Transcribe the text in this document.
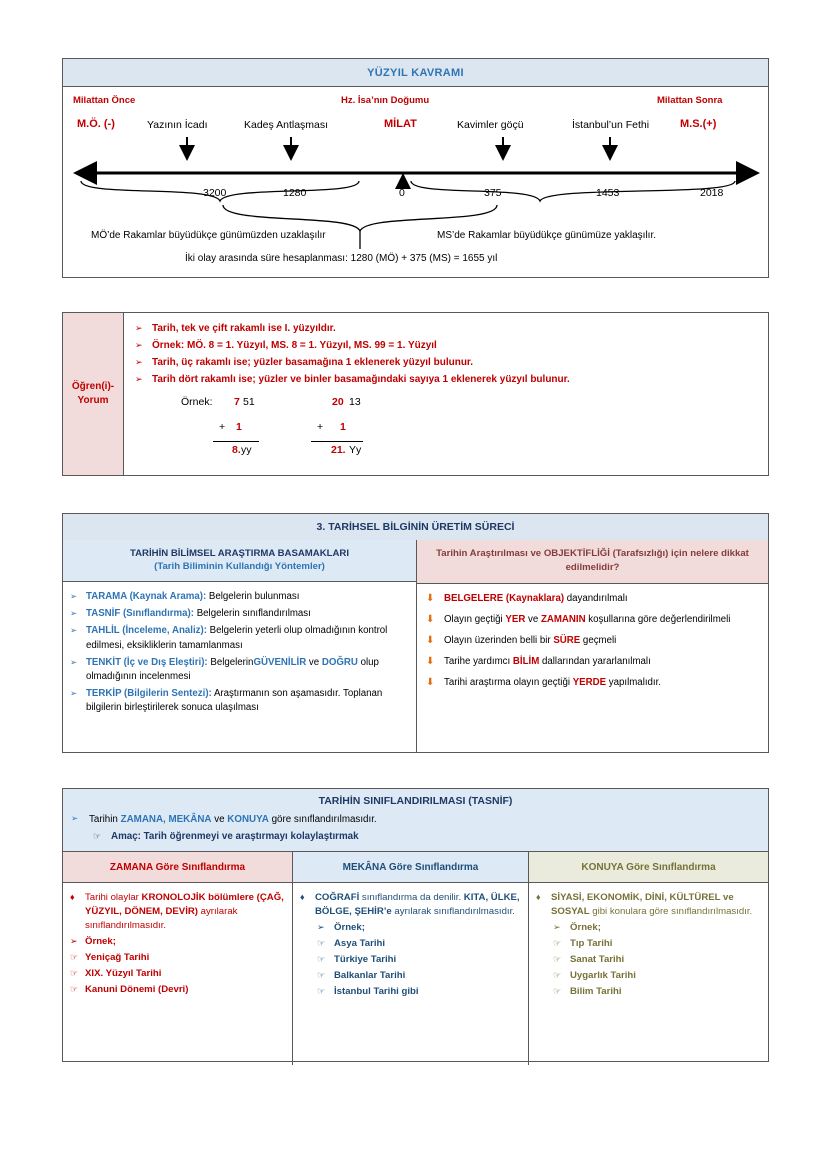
YÜZYIL KAVRAMI
Milattan Önce	Hz. İsa’nın Doğumu	Milattan Sonra
M.Ö. (-)	Yazının İcadı	Kadeş Antlaşması	MİLAT	Kavimler göçü	İstanbul’un Fethi	M.S.(+)
3200	1280	0	375	1453	2018
MÖ’de Rakamlar büyüdükçe günümüzden uzaklaşılır	MS’de Rakamlar büyüdükçe günümüze yaklaşılır.
İki olay arasında süre hesaplanması: 1280 (MÖ) + 375 (MS) = 1655 yıl
Öğren(i)-
Yorum
➢ Tarih, tek ve çift rakamlı ise I. yüzyıldır.
➢ Örnek: MÖ. 8 = 1. Yüzyıl, MS. 8 = 1. Yüzyıl, MS. 99 = 1. Yüzyıl
➢ Tarih, üç rakamlı ise; yüzler basamağına 1 eklenerek yüzyıl bulunur.
➢ Tarih dört rakamlı ise; yüzler ve binler basamağındaki sayıya 1 eklenerek yüzyıl bulunur.
Örnek: 7 51
+ 1
8. yy
20 13
+ 1
21. Yy
3. TARİHSEL BİLGİNİN ÜRETİM SÜRECİ
TARİHİN BİLİMSEL ARAŞTIRMA BASAMAKLARI
(Tarih Biliminin Kullandığı Yöntemler)
➢ TARAMA (Kaynak Arama): Belgelerin bulunması
➢ TASNİF (Sınıflandırma): Belgelerin sınıflandırılması
➢ TAHLİL (İnceleme, Analiz): Belgelerin yeterli olup olmadığının kontrol edilmesi, eksikliklerin tamamlanması
➢ TENKİT (İç ve Dış Eleştiri): BelgelerinGÜVENİLİR ve DOĞRU olup olmadığının incelenmesi
➢ TERKİP (Bilgilerin Sentezi): Araştırmanın son aşamasıdır. Toplanan bilgilerin birleştirilerek sonuca ulaşılması
Tarihin Araştırılması ve OBJEKTİFLİĞİ (Tarafsızlığı) için nelere dikkat edilmelidir?
⬇ BELGELERE (Kaynaklara) dayandırılmalı
⬇ Olayın geçtiği YER ve ZAMANIN koşullarına göre değerlendirilmeli
⬇ Olayın üzerinden belli bir SÜRE geçmeli
⬇ Tarihe yardımcı BİLİM dallarından yararlanılmalı
⬇ Tarihi araştırma olayın geçtiği YERDE yapılmalıdır.
TARİHİN SINIFLANDIRILMASI (TASNİF)
➢	Tarihin ZAMANA, MEKÂNA ve KONUYA göre sınıflandırılmasıdır.
☞	Amaç: Tarih öğrenmeyi ve araştırmayı kolaylaştırmak
ZAMANA Göre Sınıflandırma
♦	Tarihi olaylar KRONOLOJİK bölümlere (ÇAĞ, YÜZYIL, DÖNEM, DEVİR) ayrılarak sınıflandırılmasıdır.
➢ Örnek;
☞ Yeniçağ Tarihi
☞ XIX. Yüzyıl Tarihi
☞ Kanuni Dönemi (Devri)
MEKÂNA Göre Sınıflandırma
♦	COĞRAFİ sınıflandırma da denilir. KITA, ÜLKE, BÖLGE, ŞEHİR’e ayrılarak sınıflandırılmasıdır.
➢ Örnek;
☞ Asya Tarihi
☞ Türkiye Tarihi
☞ Balkanlar Tarihi
☞ İstanbul Tarihi gibi
KONUYA Göre Sınıflandırma
♦	SİYASİ, EKONOMİK, DİNİ, KÜLTÜREL ve SOSYAL gibi konulara göre sınıflandırılmasıdır.
➢ Örnek;
☞ Tıp Tarihi
☞ Sanat Tarihi
☞ Uygarlık Tarihi
☞ Bilim Tarihi
